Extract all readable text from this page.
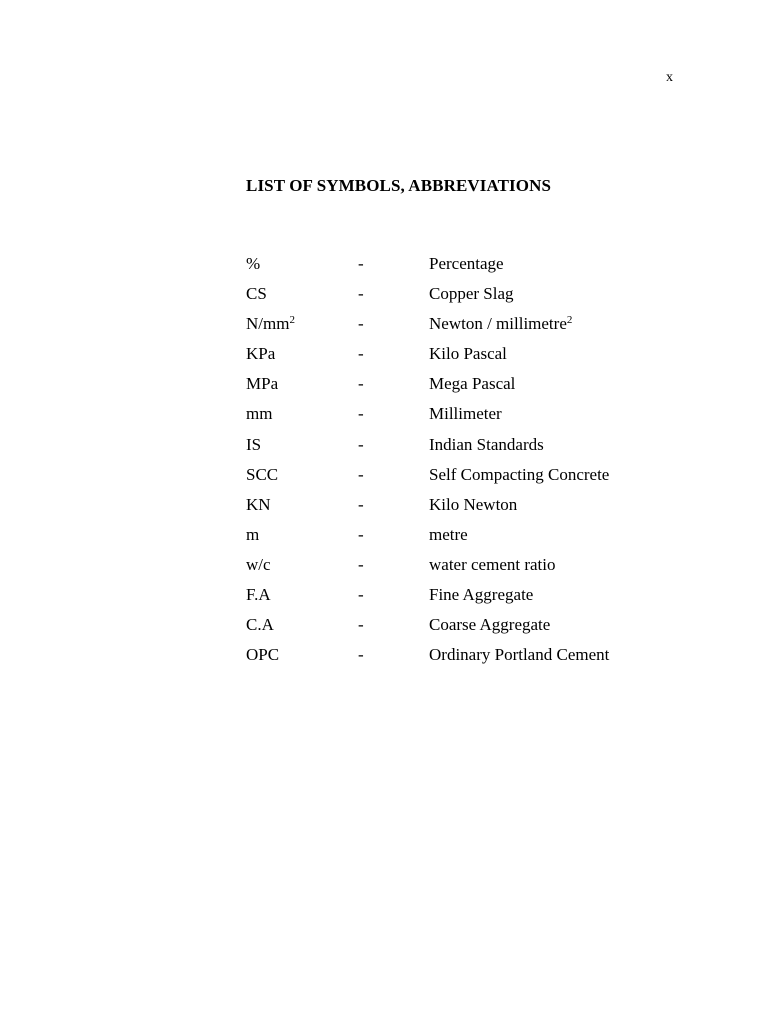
x
LIST OF SYMBOLS, ABBREVIATIONS
%	-	Percentage
CS	-	Copper Slag
$N/mm^2$	-	Newton / millimetre$^2$
KPa	-	Kilo Pascal
MPa	-	Mega Pascal
mm	-	Millimeter
IS	-	Indian Standards
SCC	-	Self Compacting Concrete
KN	-	Kilo Newton
m	-	metre
w/c	-	water cement ratio
F.A	-	Fine Aggregate
C.A	-	Coarse Aggregate
OPC	-	Ordinary Portland Cement
